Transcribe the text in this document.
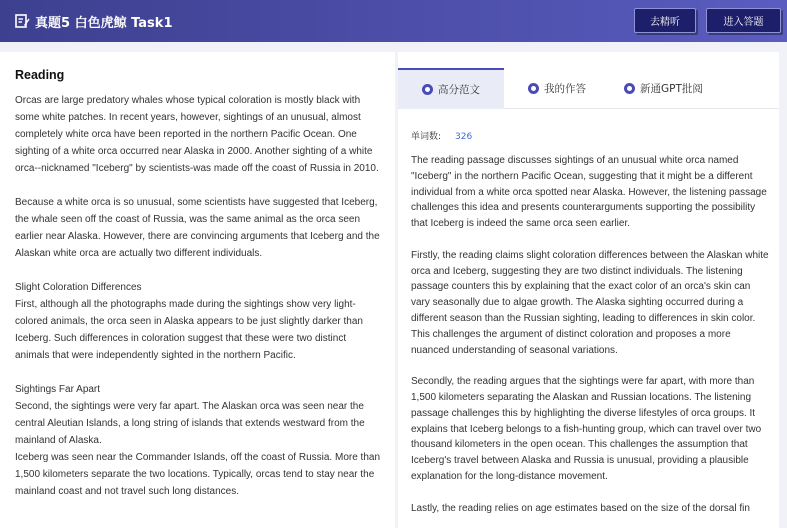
真题5 白色虎鲸 Task1	去精听	进入答题
Reading

Orcas are large predatory whales whose typical coloration is mostly black with some white patches. In recent years, however, sightings of an unusual, almost completely white orca have been reported in the northern Pacific Ocean. One sighting of a white orca occurred near Alaska in 2000. Another sighting of a white orca--nicknamed "Iceberg" by scientists-was made off the coast of Russia in 2010.

Because a white orca is so unusual, some scientists have suggested that Iceberg, the whale seen off the coast of Russia, was the same animal as the orca seen earlier near Alaska. However, there are convincing arguments that Iceberg and the Alaskan white orca are actually two different individuals.

Slight Coloration Differences

First, although all the photographs made during the sightings show very light-colored animals, the orca seen in Alaska appears to be just slightly darker than Iceberg. Such differences in coloration suggest that these were two distinct animals that were independently sighted in the northern Pacific.

Sightings Far Apart

Second, the sightings were very far apart. The Alaskan orca was seen near the central Aleutian Islands, a long string of islands that extends westward from the mainland of Alaska.

Iceberg was seen near the Commander Islands, off the coast of Russia. More than 1,500 kilometers separate the two locations. Typically, orcas tend to stay near the mainland coast and not travel such long distances.

高分范文	我的作答	新通GPT批阅
单词数: 326

The reading passage discusses sightings of an unusual white orca named "Iceberg" in the northern Pacific Ocean, suggesting that it might be a different individual from a white orca spotted near Alaska. However, the listening passage challenges this idea and presents counterarguments supporting the possibility that Iceberg is indeed the same orca seen earlier.

Firstly, the reading claims slight coloration differences between the Alaskan white orca and Iceberg, suggesting they are two distinct individuals. The listening passage counters this by explaining that the exact color of an orca's skin can vary seasonally due to algae growth. The Alaska sighting occurred during a different season than the Russian sighting, leading to differences in skin color. This challenges the argument of distinct coloration and proposes a more nuanced understanding of seasonal variations.

Secondly, the reading argues that the sightings were far apart, with more than 1,500 kilometers separating the Alaskan and Russian locations. The listening passage challenges this by highlighting the diverse lifestyles of orca groups. It explains that Iceberg belongs to a fish-hunting group, which can travel over two thousand kilometers in the open ocean. This challenges the assumption that Iceberg's travel between Alaska and Russia is unusual, providing a plausible explanation for the long-distance movement.

Lastly, the reading relies on age estimates based on the size of the dorsal fin
